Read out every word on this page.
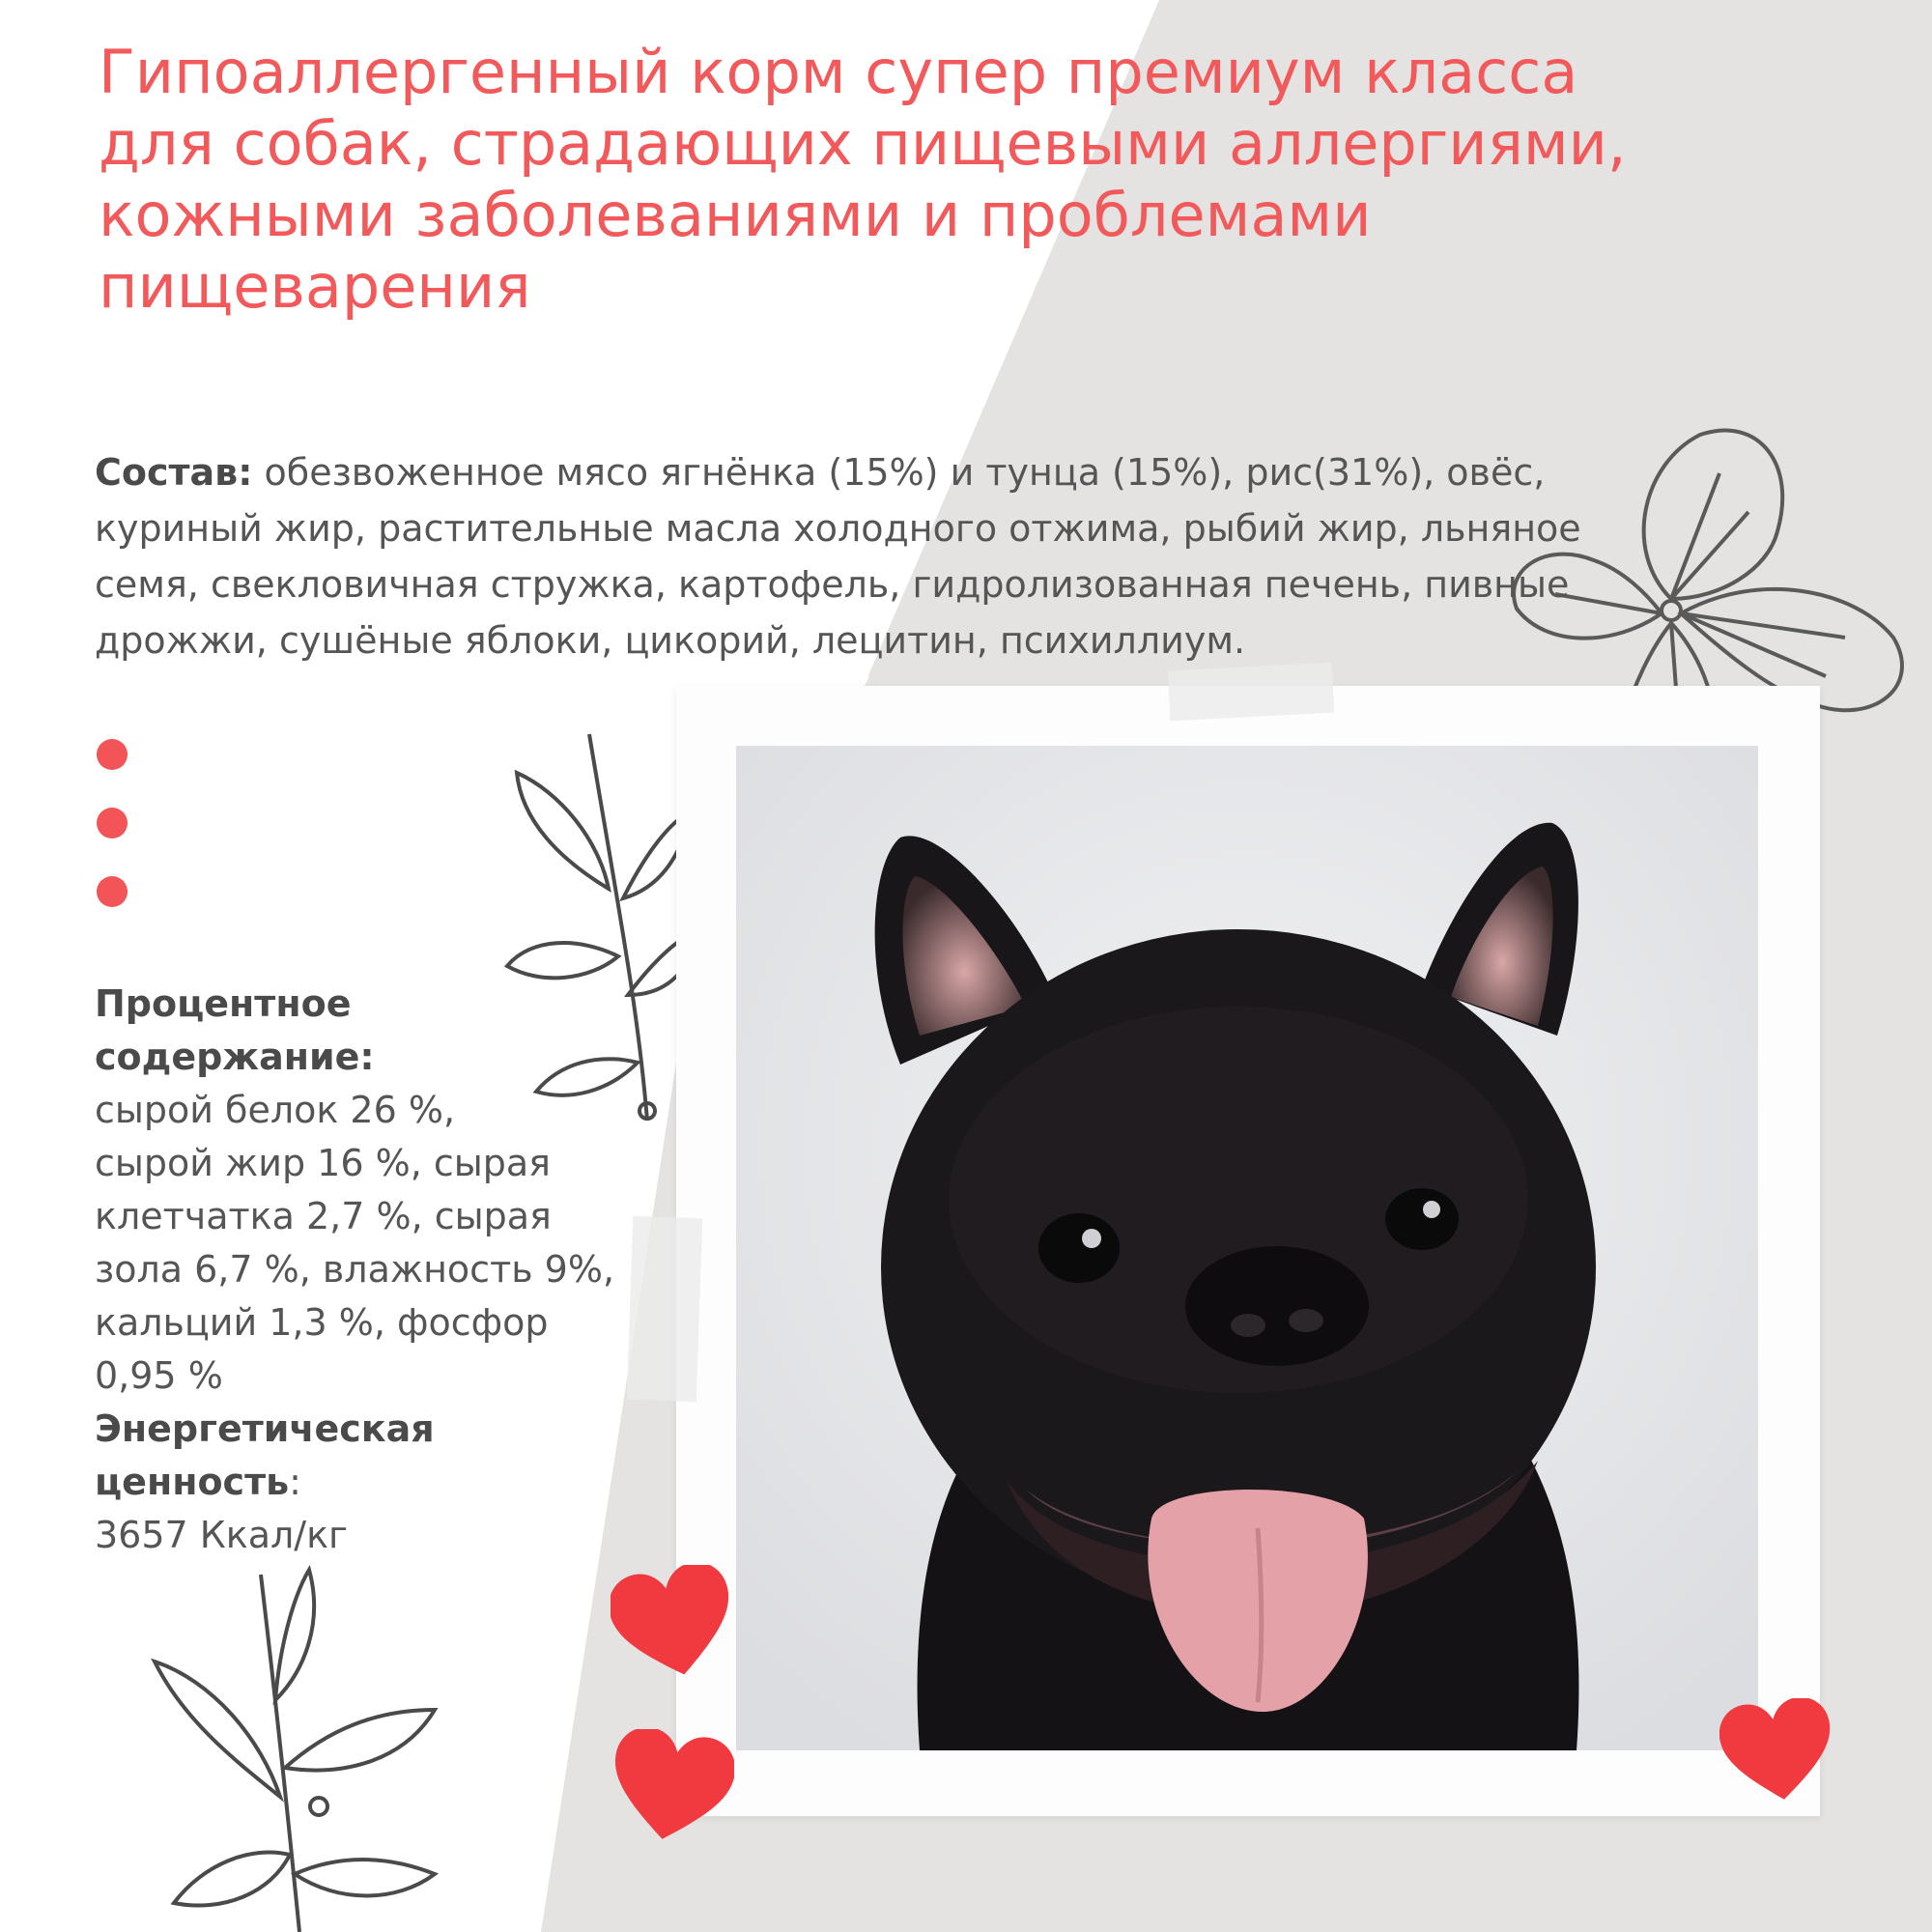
Гипоаллергенный корм супер премиум класса
для собак, страдающих пищевыми аллергиями,
кожными заболеваниями и проблемами
пищеварения

Состав: обезвоженное мясо ягнёнка (15%) и тунца (15%), рис(31%), овёс,
куриный жир, растительные масла холодного отжима, рыбий жир, льняное
семя, свекловичная стружка, картофель, гидролизованная печень, пивные
дрожжи, сушёные яблоки, цикорий, лецитин, психиллиум.

Процентное
содержание:
сырой белок 26 %,
сырой жир 16 %, сырая
клетчатка 2,7 %, сырая
зола 6,7 %, влажность 9%,
кальций 1,3 %, фосфор
0,95 %
Энергетическая
ценность:
3657 Ккал/кг
